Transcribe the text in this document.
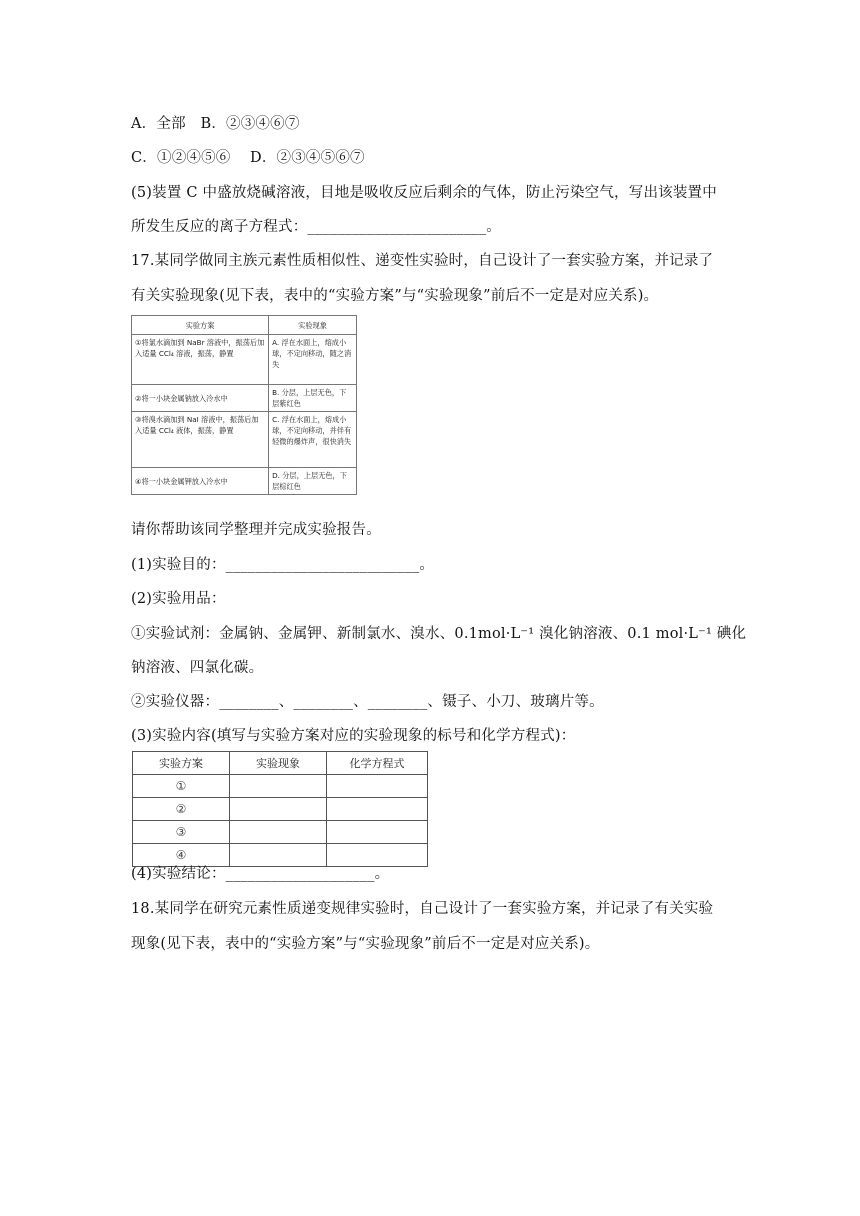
A．全部　B．②③④⑥⑦
C．①②④⑤⑥　 D．②③④⑤⑥⑦
(5)装置 C 中盛放烧碱溶液，目地是吸收反应后剩余的气体，防止污染空气，写出该装置中
所发生反应的离子方程式：________________________。
17.某同学做同主族元素性质相似性、递变性实验时，自己设计了一套实验方案，并记录了
有关实验现象(见下表，表中的“实验方案”与“实验现象”前后不一定是对应关系)。
实验方案	实验现象
①将氯水滴加到 NaBr 溶液中，振荡后加入适量 CCl₄ 溶液，振荡，静置	A. 浮在水面上，熔成小球，不定向移动，随之消失
②将一小块金属钠放入冷水中	B. 分层，上层无色，下层紫红色
③将溴水滴加到 NaI 溶液中，振荡后加入适量 CCl₄ 液体，振荡，静置	C. 浮在水面上，熔成小球，不定向移动，并伴有轻微的爆炸声，很快消失
④将一小块金属钾放入冷水中	D. 分层，上层无色，下层棕红色
请你帮助该同学整理并完成实验报告。
(1)实验目的：__________________________。
(2)实验用品：
①实验试剂：金属钠、金属钾、新制氯水、溴水、0.1mol·L⁻¹ 溴化钠溶液、0.1 mol·L⁻¹ 碘化
钠溶液、四氯化碳。
②实验仪器：________、________、________、镊子、小刀、玻璃片等。
(3)实验内容(填写与实验方案对应的实验现象的标号和化学方程式)：
实验方案	实验现象	化学方程式
①		
②		
③		
④		
(4)实验结论：____________________。
18.某同学在研究元素性质递变规律实验时，自己设计了一套实验方案，并记录了有关实验
现象(见下表，表中的“实验方案”与“实验现象”前后不一定是对应关系)。
